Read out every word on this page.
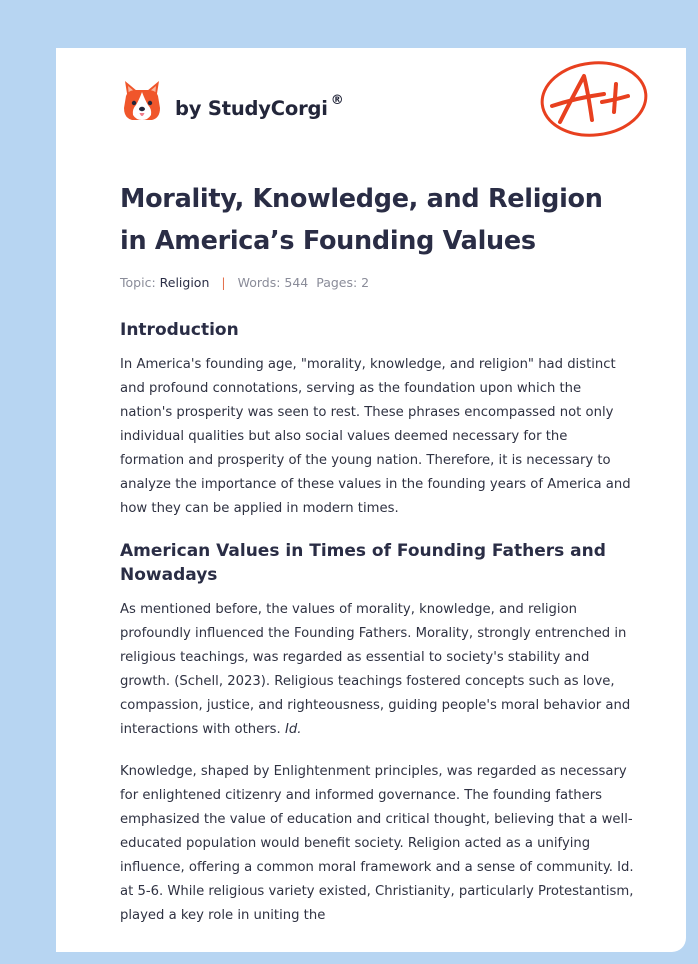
by StudyCorgi ®
Morality, Knowledge, and Religion in America’s Founding Values
Topic: Religion | Words: 544 Pages: 2
Introduction

In America's founding age, "morality, knowledge, and religion" had distinct and profound connotations, serving as the foundation upon which the nation's prosperity was seen to rest. These phrases encompassed not only individual qualities but also social values deemed necessary for the formation and prosperity of the young nation. Therefore, it is necessary to analyze the importance of these values in the founding years of America and how they can be applied in modern times.

American Values in Times of Founding Fathers and Nowadays

As mentioned before, the values of morality, knowledge, and religion profoundly influenced the Founding Fathers. Morality, strongly entrenched in religious teachings, was regarded as essential to society's stability and growth. (Schell, 2023). Religious teachings fostered concepts such as love, compassion, justice, and righteousness, guiding people's moral behavior and interactions with others. Id.

Knowledge, shaped by Enlightenment principles, was regarded as necessary for enlightened citizenry and informed governance. The founding fathers emphasized the value of education and critical thought, believing that a well-educated population would benefit society. Religion acted as a unifying influence, offering a common moral framework and a sense of community. Id. at 5-6. While religious variety existed, Christianity, particularly Protestantism, played a key role in uniting the
